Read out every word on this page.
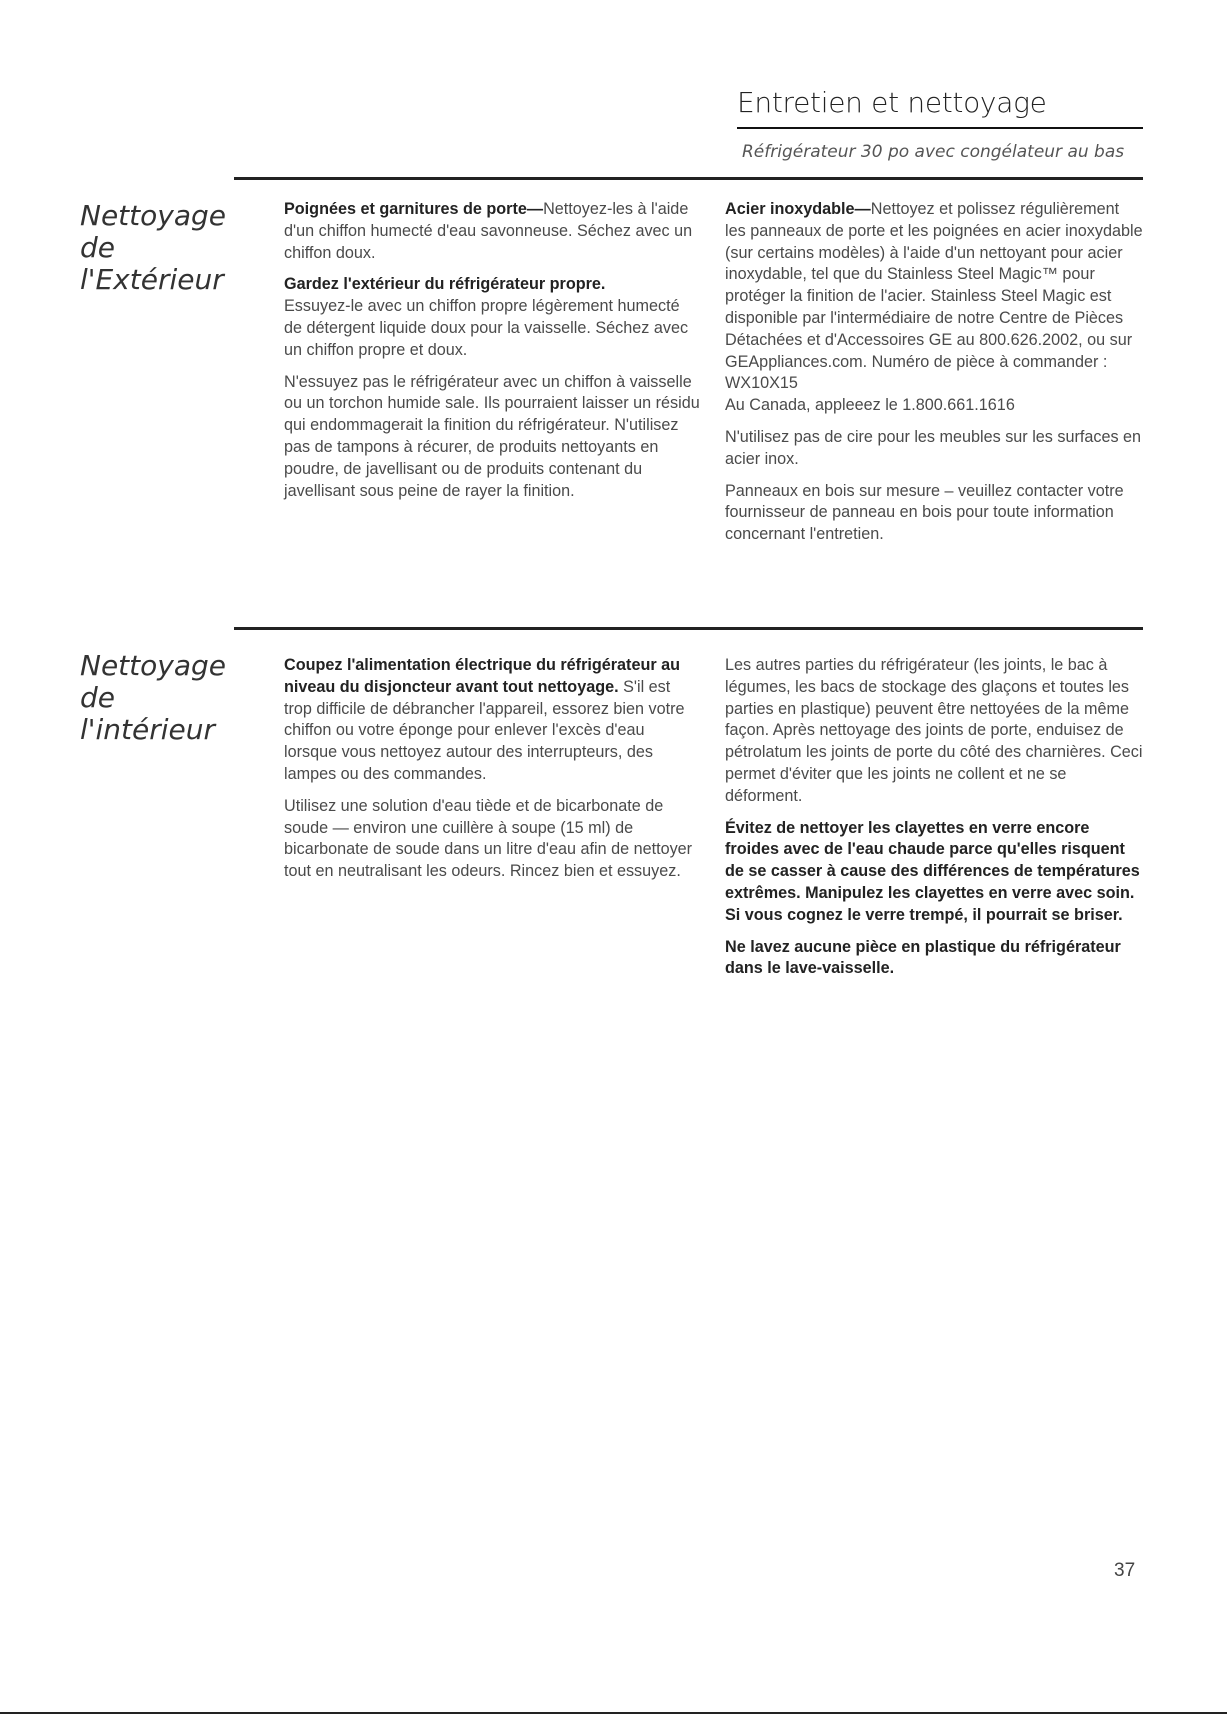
Entretien et nettoyage
Réfrigérateur 30 po avec congélateur au bas
Nettoyage
de
l'Extérieur

Poignées et garnitures de porte—Nettoyez-les à l'aide d'un chiffon humecté d'eau savonneuse. Séchez avec un chiffon doux.

Gardez l'extérieur du réfrigérateur propre.
Essuyez-le avec un chiffon propre légèrement humecté de détergent liquide doux pour la vaisselle. Séchez avec un chiffon propre et doux.

N'essuyez pas le réfrigérateur avec un chiffon à vaisselle ou un torchon humide sale. Ils pourraient laisser un résidu qui endommagerait la finition du réfrigérateur. N'utilisez pas de tampons à récurer, de produits nettoyants en poudre, de javellisant ou de produits contenant du javellisant sous peine de rayer la finition.

Acier inoxydable—Nettoyez et polissez régulièrement les panneaux de porte et les poignées en acier inoxydable (sur certains modèles) à l'aide d'un nettoyant pour acier inoxydable, tel que du Stainless Steel Magic™ pour protéger la finition de l'acier. Stainless Steel Magic est disponible par l'intermédiaire de notre Centre de Pièces Détachées et d'Accessoires GE au 800.626.2002, ou sur GEAppliances.com. Numéro de pièce à commander : WX10X15
Au Canada, appleeez le 1.800.661.1616

N'utilisez pas de cire pour les meubles sur les surfaces en acier inox.

Panneaux en bois sur mesure – veuillez contacter votre fournisseur de panneau en bois pour toute information concernant l'entretien.

Nettoyage
de
l'intérieur

Coupez l'alimentation électrique du réfrigérateur au niveau du disjoncteur avant tout nettoyage. S'il est trop difficile de débrancher l'appareil, essorez bien votre chiffon ou votre éponge pour enlever l'excès d'eau lorsque vous nettoyez autour des interrupteurs, des lampes ou des commandes.

Utilisez une solution d'eau tiède et de bicarbonate de soude — environ une cuillère à soupe (15 ml) de bicarbonate de soude dans un litre d'eau afin de nettoyer tout en neutralisant les odeurs. Rincez bien et essuyez.

Les autres parties du réfrigérateur (les joints, le bac à légumes, les bacs de stockage des glaçons et toutes les parties en plastique) peuvent être nettoyées de la même façon. Après nettoyage des joints de porte, enduisez de pétrolatum les joints de porte du côté des charnières. Ceci permet d'éviter que les joints ne collent et ne se déforment.

Évitez de nettoyer les clayettes en verre encore froides avec de l'eau chaude parce qu'elles risquent de se casser à cause des différences de températures extrêmes. Manipulez les clayettes en verre avec soin. Si vous cognez le verre trempé, il pourrait se briser.

Ne lavez aucune pièce en plastique du réfrigérateur dans le lave-vaisselle.

37
